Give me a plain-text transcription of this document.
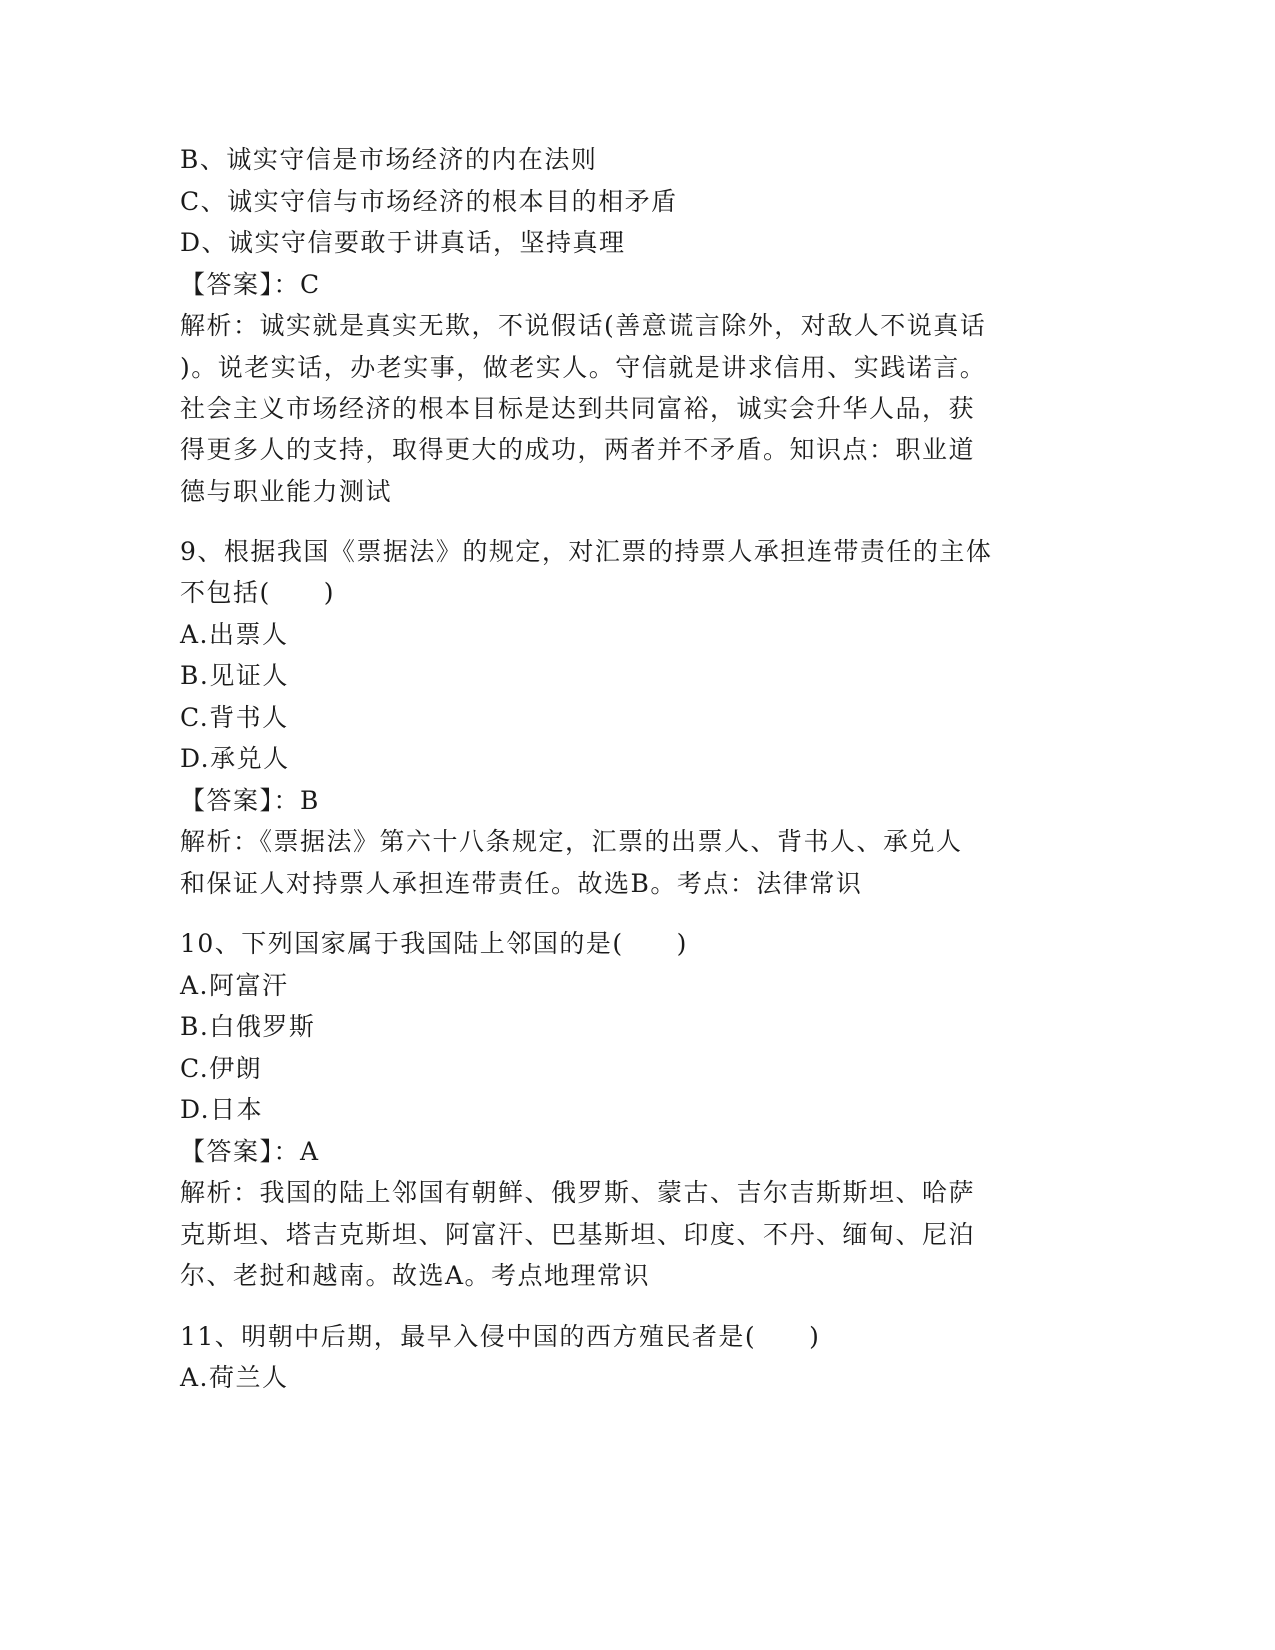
B、诚实守信是市场经济的内在法则
C、诚实守信与市场经济的根本目的相矛盾
D、诚实守信要敢于讲真话，坚持真理
【答案】：C
解析：诚实就是真实无欺，不说假话(善意谎言除外，对敌人不说真话
)。说老实话，办老实事，做老实人。守信就是讲求信用、实践诺言。
社会主义市场经济的根本目标是达到共同富裕，诚实会升华人品，获
得更多人的支持，取得更大的成功，两者并不矛盾。知识点：职业道
德与职业能力测试
9、根据我国《票据法》的规定，对汇票的持票人承担连带责任的主体
不包括(　　)
A.出票人
B.见证人
C.背书人
D.承兑人
【答案】：B
解析：《票据法》第六十八条规定，汇票的出票人、背书人、承兑人
和保证人对持票人承担连带责任。故选B。考点：法律常识
10、下列国家属于我国陆上邻国的是(　　)
A.阿富汗
B.白俄罗斯
C.伊朗
D.日本
【答案】：A
解析：我国的陆上邻国有朝鲜、俄罗斯、蒙古、吉尔吉斯斯坦、哈萨
克斯坦、塔吉克斯坦、阿富汗、巴基斯坦、印度、不丹、缅甸、尼泊
尔、老挝和越南。故选A。考点地理常识
11、明朝中后期，最早入侵中国的西方殖民者是(　　)
A.荷兰人
